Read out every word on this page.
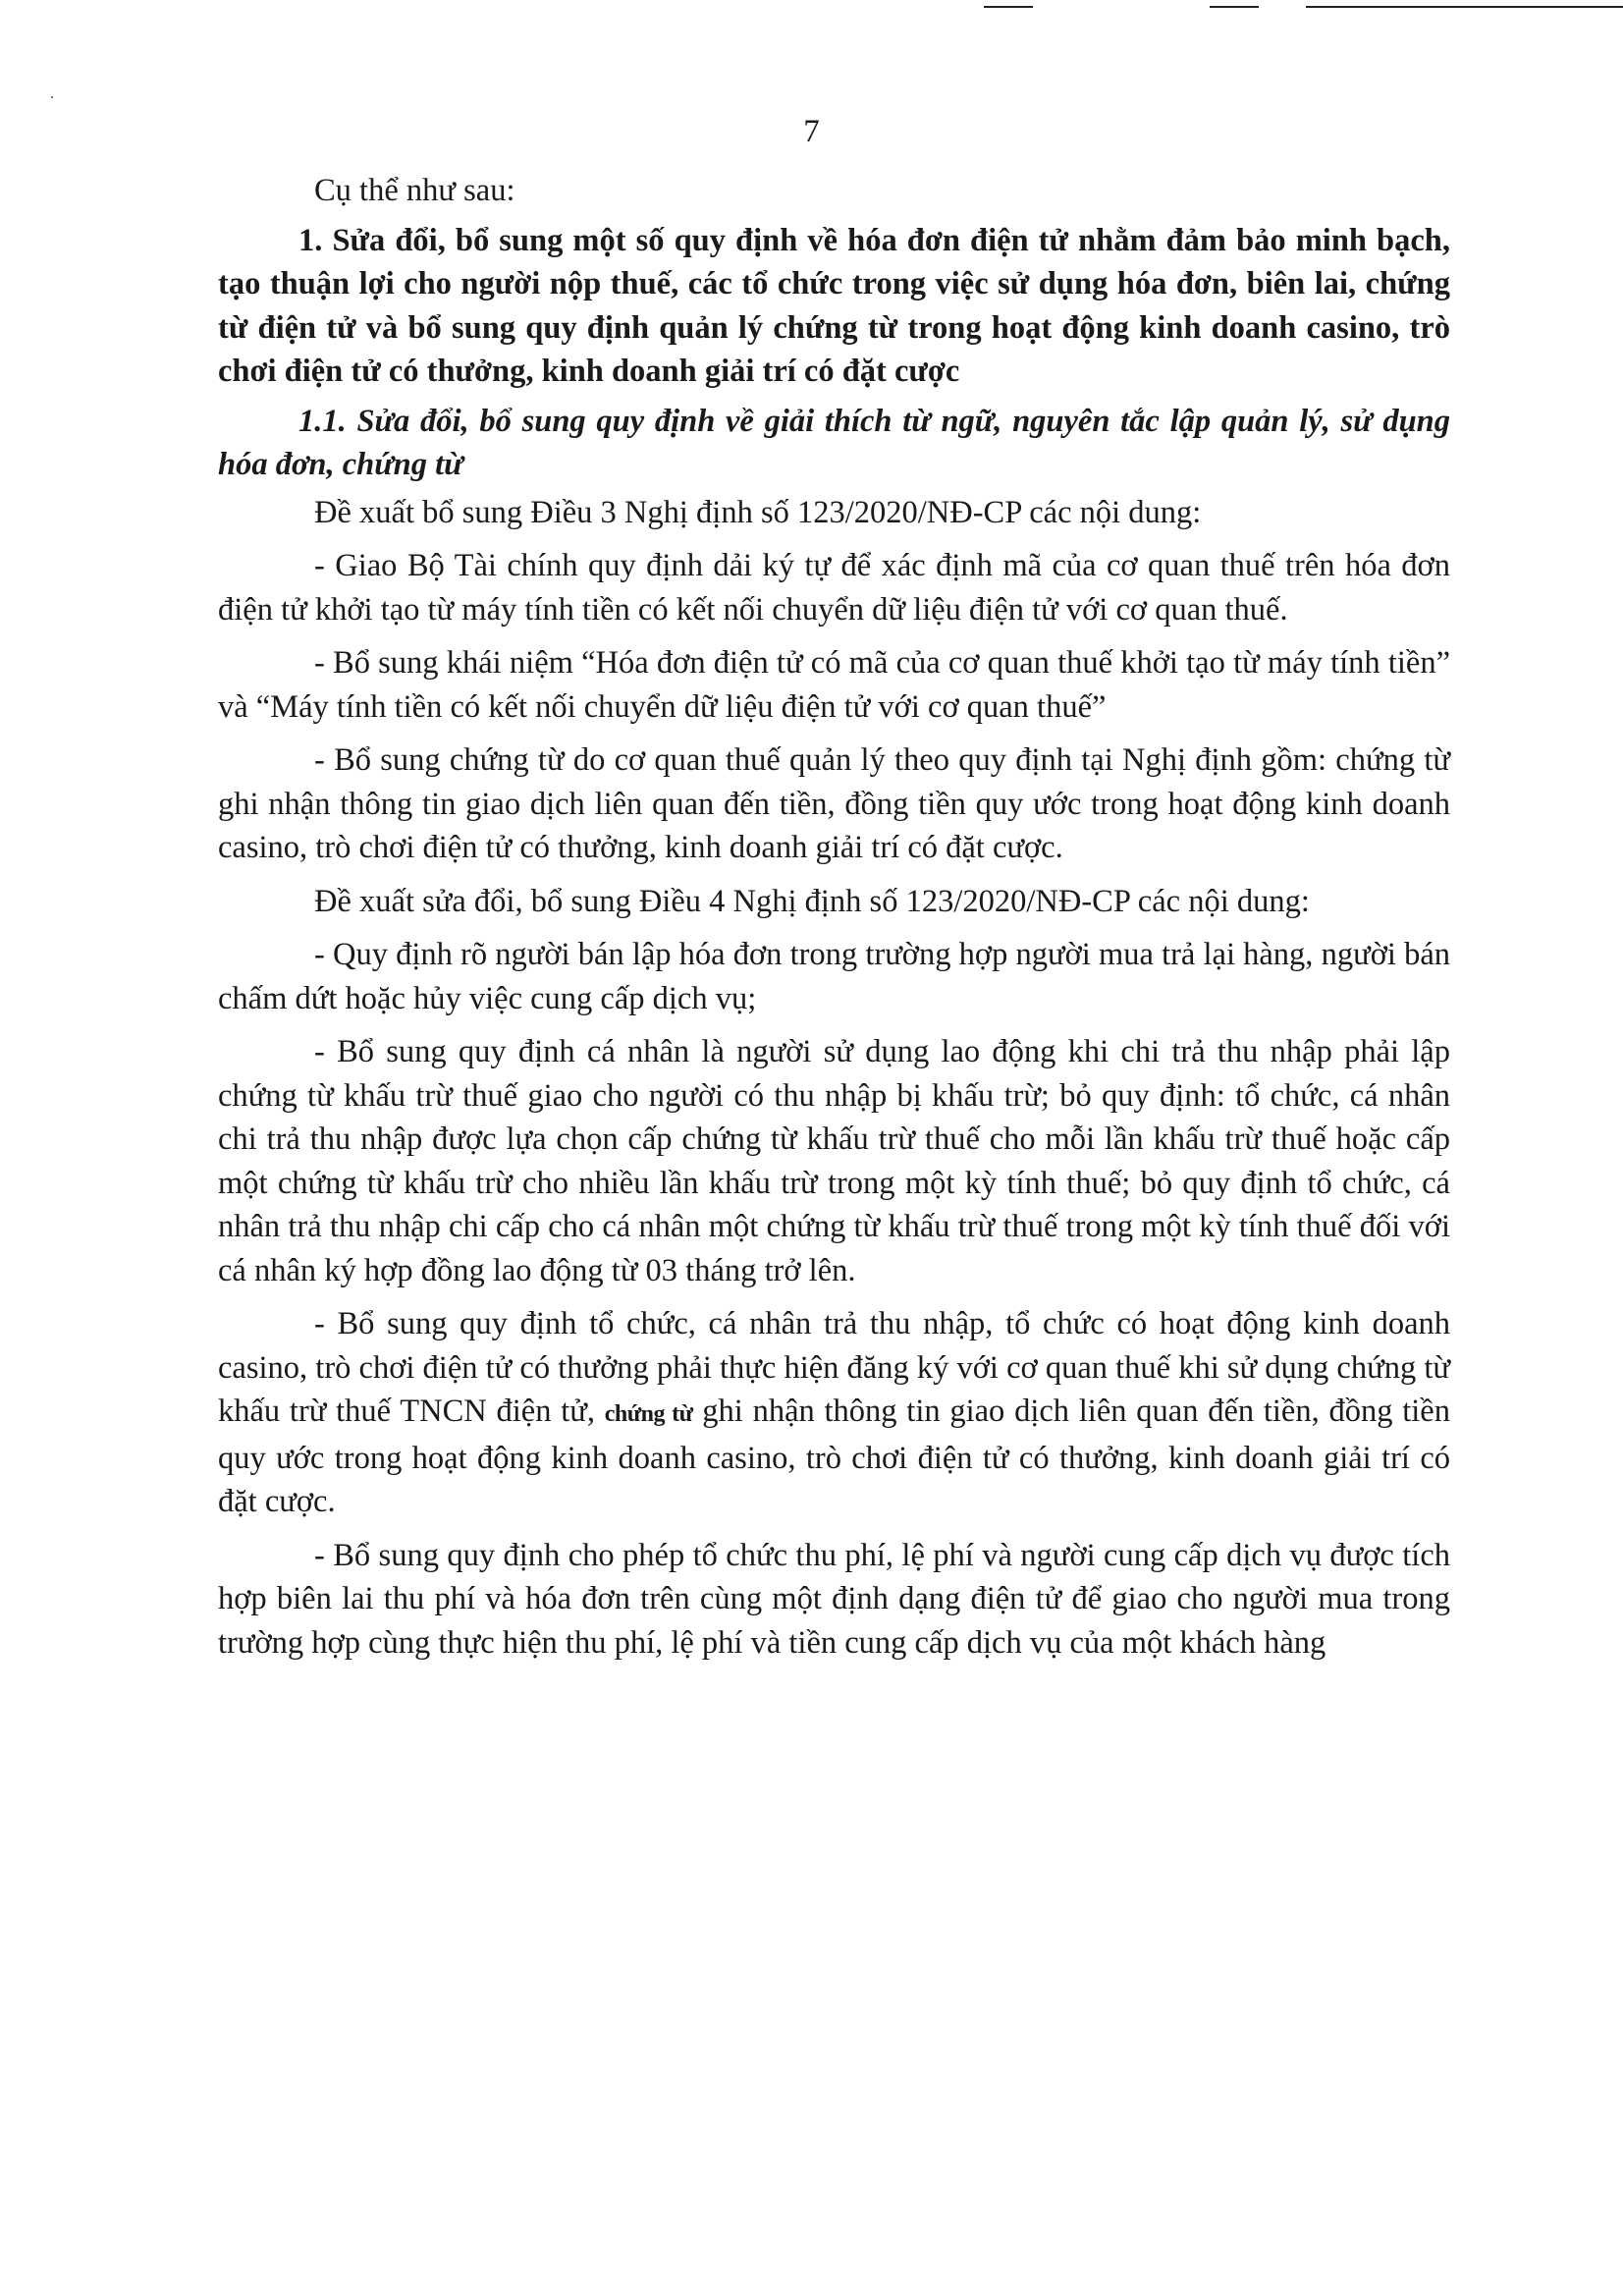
7

Cụ thể như sau:

1. Sửa đổi, bổ sung một số quy định về hóa đơn điện tử nhằm đảm bảo minh bạch, tạo thuận lợi cho người nộp thuế, các tổ chức trong việc sử dụng hóa đơn, biên lai, chứng từ điện tử và bổ sung quy định quản lý chứng từ trong hoạt động kinh doanh casino, trò chơi điện tử có thưởng, kinh doanh giải trí có đặt cược

1.1. Sửa đổi, bổ sung quy định về giải thích từ ngữ, nguyên tắc lập quản lý, sử dụng hóa đơn, chứng từ

Đề xuất bổ sung Điều 3 Nghị định số 123/2020/NĐ-CP các nội dung:

- Giao Bộ Tài chính quy định dải ký tự để xác định mã của cơ quan thuế trên hóa đơn điện tử khởi tạo từ máy tính tiền có kết nối chuyển dữ liệu điện tử với cơ quan thuế.

- Bổ sung khái niệm “Hóa đơn điện tử có mã của cơ quan thuế khởi tạo từ máy tính tiền” và “Máy tính tiền có kết nối chuyển dữ liệu điện tử với cơ quan thuế”

- Bổ sung chứng từ do cơ quan thuế quản lý theo quy định tại Nghị định gồm: chứng từ ghi nhận thông tin giao dịch liên quan đến tiền, đồng tiền quy ước trong hoạt động kinh doanh casino, trò chơi điện tử có thưởng, kinh doanh giải trí có đặt cược.

Đề xuất sửa đổi, bổ sung Điều 4 Nghị định số 123/2020/NĐ-CP các nội dung:

- Quy định rõ người bán lập hóa đơn trong trường hợp người mua trả lại hàng, người bán chấm dứt hoặc hủy việc cung cấp dịch vụ;

- Bổ sung quy định cá nhân là người sử dụng lao động khi chi trả thu nhập phải lập chứng từ khấu trừ thuế giao cho người có thu nhập bị khấu trừ; bỏ quy định: tổ chức, cá nhân chi trả thu nhập được lựa chọn cấp chứng từ khấu trừ thuế cho mỗi lần khấu trừ thuế hoặc cấp một chứng từ khấu trừ cho nhiều lần khấu trừ trong một kỳ tính thuế; bỏ quy định tổ chức, cá nhân trả thu nhập chi cấp cho cá nhân một chứng từ khấu trừ thuế trong một kỳ tính thuế đối với cá nhân ký hợp đồng lao động từ 03 tháng trở lên.

- Bổ sung quy định tổ chức, cá nhân trả thu nhập, tổ chức có hoạt động kinh doanh casino, trò chơi điện tử có thưởng phải thực hiện đăng ký với cơ quan thuế khi sử dụng chứng từ khấu trừ thuế TNCN điện tử, chứng từ ghi nhận thông tin giao dịch liên quan đến tiền, đồng tiền quy ước trong hoạt động kinh doanh casino, trò chơi điện tử có thưởng, kinh doanh giải trí có đặt cược.

- Bổ sung quy định cho phép tổ chức thu phí, lệ phí và người cung cấp dịch vụ được tích hợp biên lai thu phí và hóa đơn trên cùng một định dạng điện tử để giao cho người mua trong trường hợp cùng thực hiện thu phí, lệ phí và tiền cung cấp dịch vụ của một khách hàng
